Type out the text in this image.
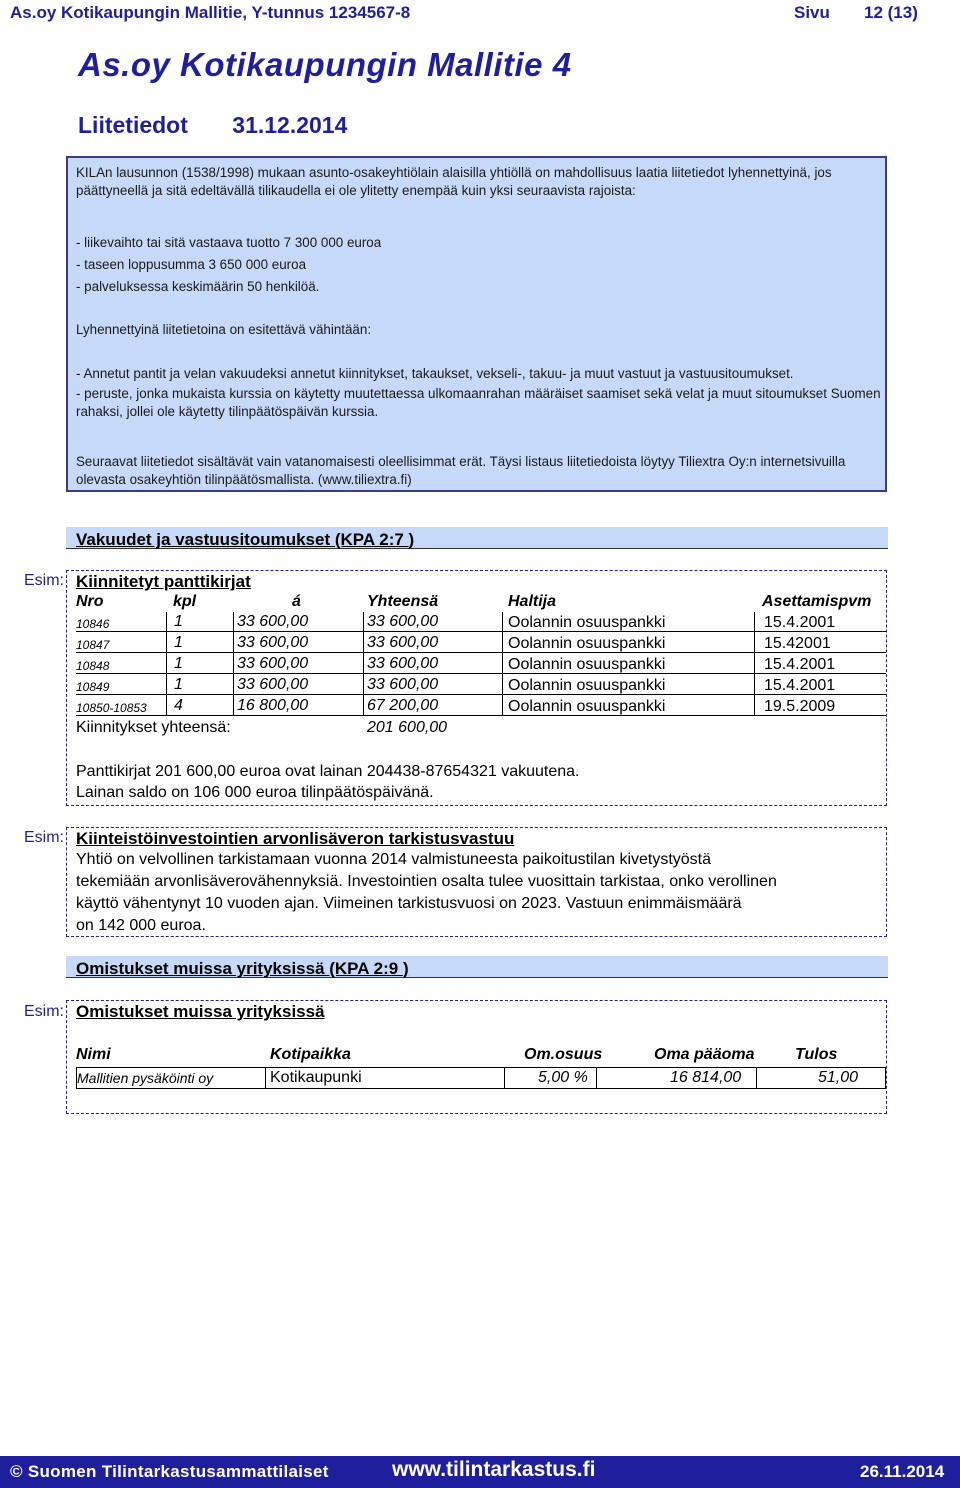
As.oy Kotikaupungin Mallitie, Y-tunnus 1234567-8	Sivu 12 (13)
As.oy Kotikaupungin Mallitie 4
Liitetiedot 31.12.2014
KILAn lausunnon (1538/1998) mukaan asunto-osakeyhtiölain alaisilla yhtiöllä on mahdollisuus laatia liitetiedot lyhennettyinä, jos päättyneellä ja sitä edeltävällä tilikaudella ei ole ylitetty enempää kuin yksi seuraavista rajoista:
- liikevaihto tai sitä vastaava tuotto 7 300 000 euroa
- taseen loppusumma 3 650 000 euroa
- palveluksessa keskimäärin 50 henkilöä.
Lyhennettyinä liitetietoina on esitettävä vähintään:
- Annetut pantit ja velan vakuudeksi annetut kiinnitykset, takaukset, vekseli-, takuu- ja muut vastuut ja vastuusitoumukset.
- peruste, jonka mukaista kurssia on käytetty muutettaessa ulkomaanrahan määräiset saamiset sekä velat ja muut sitoumukset Suomen rahaksi, jollei ole käytetty tilinpäätöspäivän kurssia.
Seuraavat liitetiedot sisältävät vain vatanomaisesti oleellisimmat erät. Täysi listaus liitetiedoista löytyy Tiliextra Oy:n internetsivuilla olevasta osakeyhtiön tilinpäätösmallista. (www.tiliextra.fi)
Vakuudet ja vastuusitoumukset (KPA 2:7 )
Esim: Kiinnitetyt panttikirjat
Nro	kpl	á	Yhteensä	Haltija	Asettamispvm
10846	1	33 600,00	33 600,00	Oolannin osuuspankki	15.4.2001
10847	1	33 600,00	33 600,00	Oolannin osuuspankki	15.42001
10848	1	33 600,00	33 600,00	Oolannin osuuspankki	15.4.2001
10849	1	33 600,00	33 600,00	Oolannin osuuspankki	15.4.2001
10850-10853 4	16 800,00	67 200,00	Oolannin osuuspankki	19.5.2009
Kiinnitykset yhteensä:	201 600,00
Panttikirjat 201 600,00 euroa ovat lainan 204438-87654321 vakuutena.
Lainan saldo on 106 000 euroa tilinpäätöspäivänä.
Esim: Kiinteistöinvestointien arvonlisäveron tarkistusvastuu
Yhtiö on velvollinen tarkistamaan vuonna 2014 valmistuneesta paikoitustilan kivetystyöstä
tekemiään arvonlisäverovähennyksiä. Investointien osalta tulee vuosittain tarkistaa, onko verollinen
käyttö vähentynyt 10 vuoden ajan. Viimeinen tarkistusvuosi on 2023. Vastuun enimmäismäärä
on 142 000 euroa.
Omistukset muissa yrityksissä (KPA 2:9 )
Esim: Omistukset muissa yrityksissä
Nimi	Kotipaikka	Om.osuus	Oma pääoma	Tulos
Mallitien pysäköinti oy	Kotikaupunki	5,00 %	16 814,00	51,00
© Suomen Tilintarkastusammattilaiset	www.tilintarkastus.fi	26.11.2014
